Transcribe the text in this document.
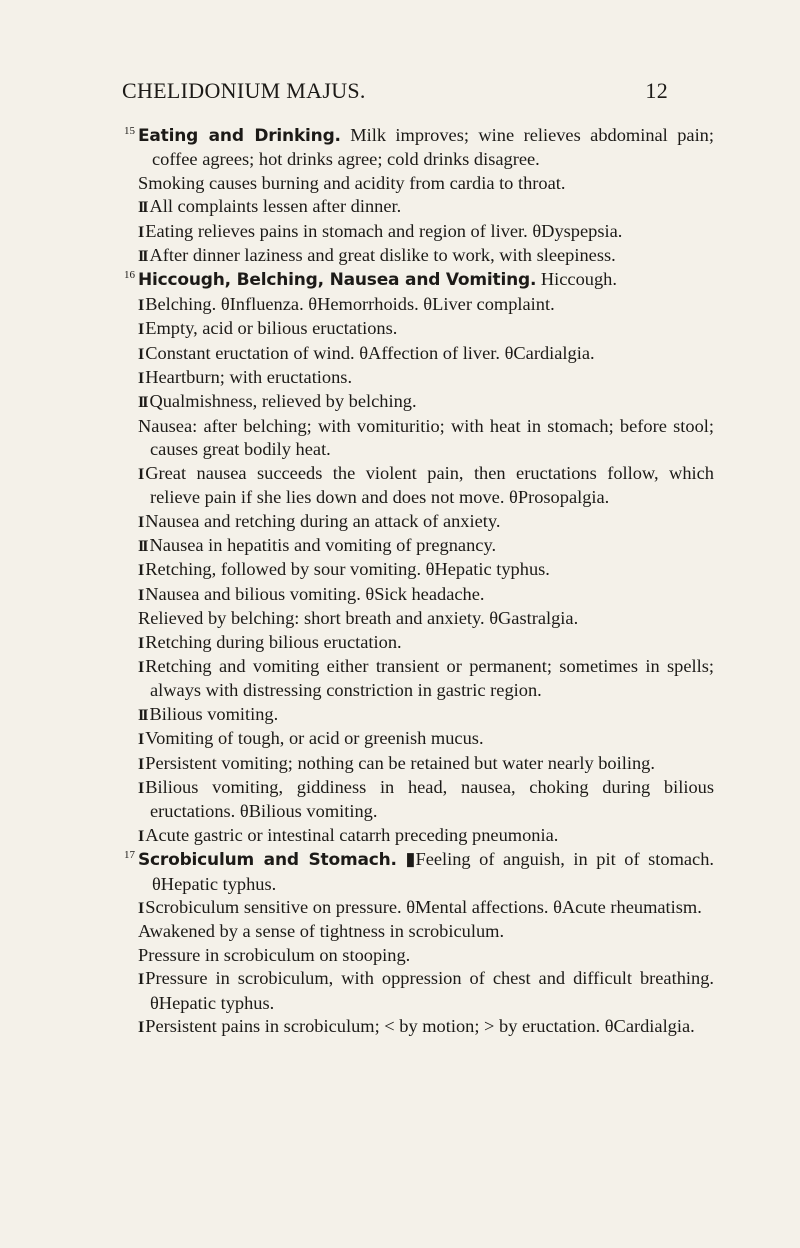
CHELIDONIUM MAJUS.	12

15 Eating and Drinking. Milk improves; wine relieves abdominal pain; coffee agrees; hot drinks agree; cold drinks disagree.

Smoking causes burning and acidity from cardia to throat.

II All complaints lessen after dinner.

I Eating relieves pains in stomach and region of liver. θDyspepsia.

II After dinner laziness and great dislike to work, with sleepiness.

16 Hiccough, Belching, Nausea and Vomiting. Hiccough.

I Belching. θInfluenza. θHemorrhoids. θLiver complaint.

I Empty, acid or bilious eructations.

I Constant eructation of wind. θAffection of liver. θCardialgia.

I Heartburn; with eructations.

II Qualmishness, relieved by belching.

Nausea: after belching; with vomituritio; with heat in stomach; before stool; causes great bodily heat.

I Great nausea succeeds the violent pain, then eructations follow, which relieve pain if she lies down and does not move. θProsopalgia.

I Nausea and retching during an attack of anxiety.

II Nausea in hepatitis and vomiting of pregnancy.

I Retching, followed by sour vomiting. θHepatic typhus.

I Nausea and bilious vomiting. θSick headache.

Relieved by belching: short breath and anxiety. θGastralgia.

I Retching during bilious eructation.

I Retching and vomiting either transient or permanent; sometimes in spells; always with distressing constriction in gastric region.

II Bilious vomiting.

I Vomiting of tough, or acid or greenish mucus.

I Persistent vomiting; nothing can be retained but water nearly boiling.

I Bilious vomiting, giddiness in head, nausea, choking during bilious eructations. θBilious vomiting.

I Acute gastric or intestinal catarrh preceding pneumonia.

17 Scrobiculum and Stomach. ▮Feeling of anguish, in pit of stomach. θHepatic typhus.

I Scrobiculum sensitive on pressure. θMental affections. θAcute rheumatism.

Awakened by a sense of tightness in scrobiculum.

Pressure in scrobiculum on stooping.

I Pressure in scrobiculum, with oppression of chest and difficult breathing. θHepatic typhus.

I Persistent pains in scrobiculum; < by motion; > by eructation. θCardialgia.
